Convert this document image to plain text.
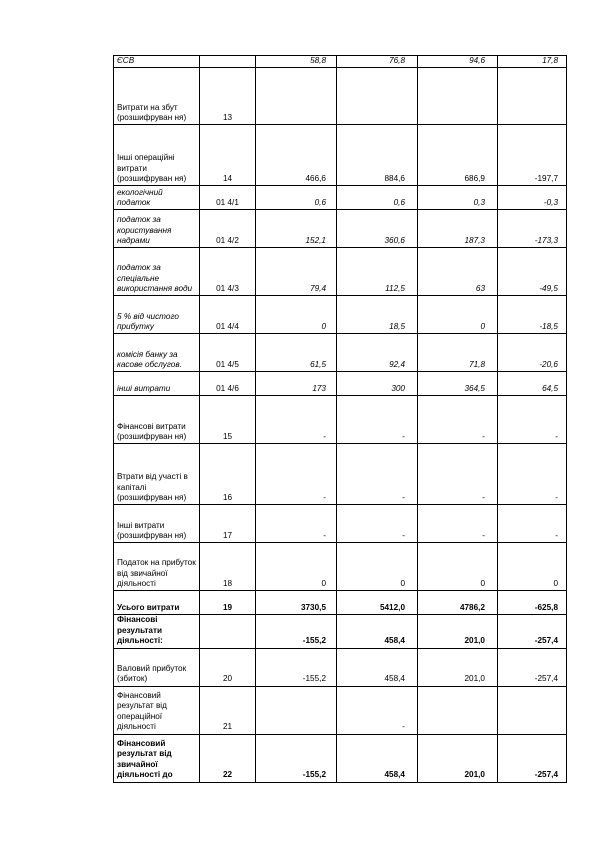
ЄСВ		58,8	76,8	94,6	17,8
Витрати на збут (розшифруван ня)	13				
Інші операційні витрати (розшифруван ня)	14	466,6	884,6	686,9	-197,7
екологічний податок	01 4/1	0,6	0,6	0,3	-0,3
податок за користування надрами	01 4/2	152,1	360,6	187,3	-173,3
податок за спеціальне використання води	01 4/3	79,4	112,5	63	-49,5
5 % від чистого прибутку	01 4/4	0	18,5	0	-18,5
комісія банку за касове обслугов.	01 4/5	61,5	92,4	71,8	-20,6
інші витрати	01 4/6	173	300	364,5	64,5
Фінансові витрати (розшифруван ня)	15	-	-	-	-
Втрати від участі в капіталі (розшифруван ня)	16	-	-	-	-
Інші витрати (розшифруван ня)	17	-	-	-	-
Податок на прибуток від звичайної діяльності	18	0	0	0	0
Усього витрати	19	3730,5	5412,0	4786,2	-625,8
Фінансові результати діяльності:		-155,2	458,4	201,0	-257,4
Валовий прибуток (збиток)	20	-155,2	458,4	201,0	-257,4
Фінансовий результат від операційної діяльності	21		-		
Фінансовий результат від звичайної діяльності до	22	-155,2	458,4	201,0	-257,4
